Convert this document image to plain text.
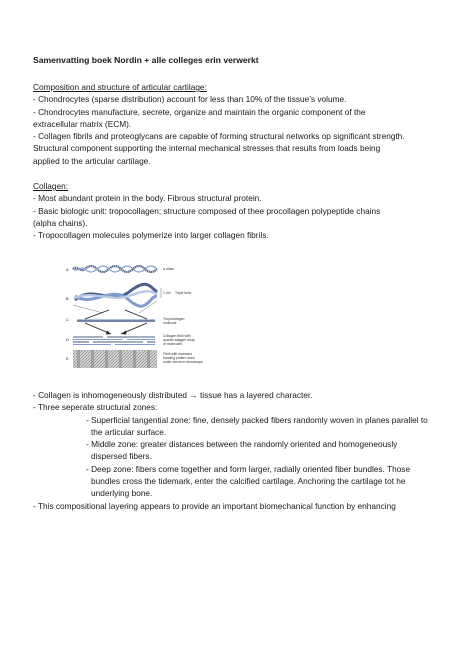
Samenvatting boek Nordin + alle colleges erin verwerkt
Composition and structure of articular cartilage:
- Chondrocytes (sparse distribution) account for less than 10% of the tissue’s volume.
- Chondrocytes manufacture, secrete, organize and maintain the organic component of the
extracellular matrix (ECM).
- Collagen fibrils and proteoglycans are capable of forming structural networks op significant strength.
Structural component supporting the internal mechanical stresses that results from loads being
applied to the articular cartilage.
Collagen:
- Most abundant protein in the body. Fibrous structural protein.
- Basic biologic unit: tropocollagen; structure composed of thee procollagen polypeptide chains
(alpha chains).
- Tropocollagen molecules polymerize into larger collagen fibrils.
A
B
C
D
E
α chain
1 nm Triple helix
Tropocollagen
molecule
Collagen fibril with
quarter-stagger array
of molecules
Fibril with repeated
banding pattern seen
under electron microscope
- Collagen is inhomogeneously distributed → tissue has a layered character.
- Three seperate structural zones:
- Superficial tangential zone: fine, densely packed fibers randomly woven in planes parallel to
the articular surface.
- Middle zone: greater distances between the randomly oriented and homogeneously
dispersed fibers.
- Deep zone: fibers come together and form larger, radially oriented fiber bundles. Those
bundles cross the tidemark, enter the calcified cartilage. Anchoring the cartilage tot he
underlying bone.
- This compositional layering appears to provide an important biomechanical function by enhancing
